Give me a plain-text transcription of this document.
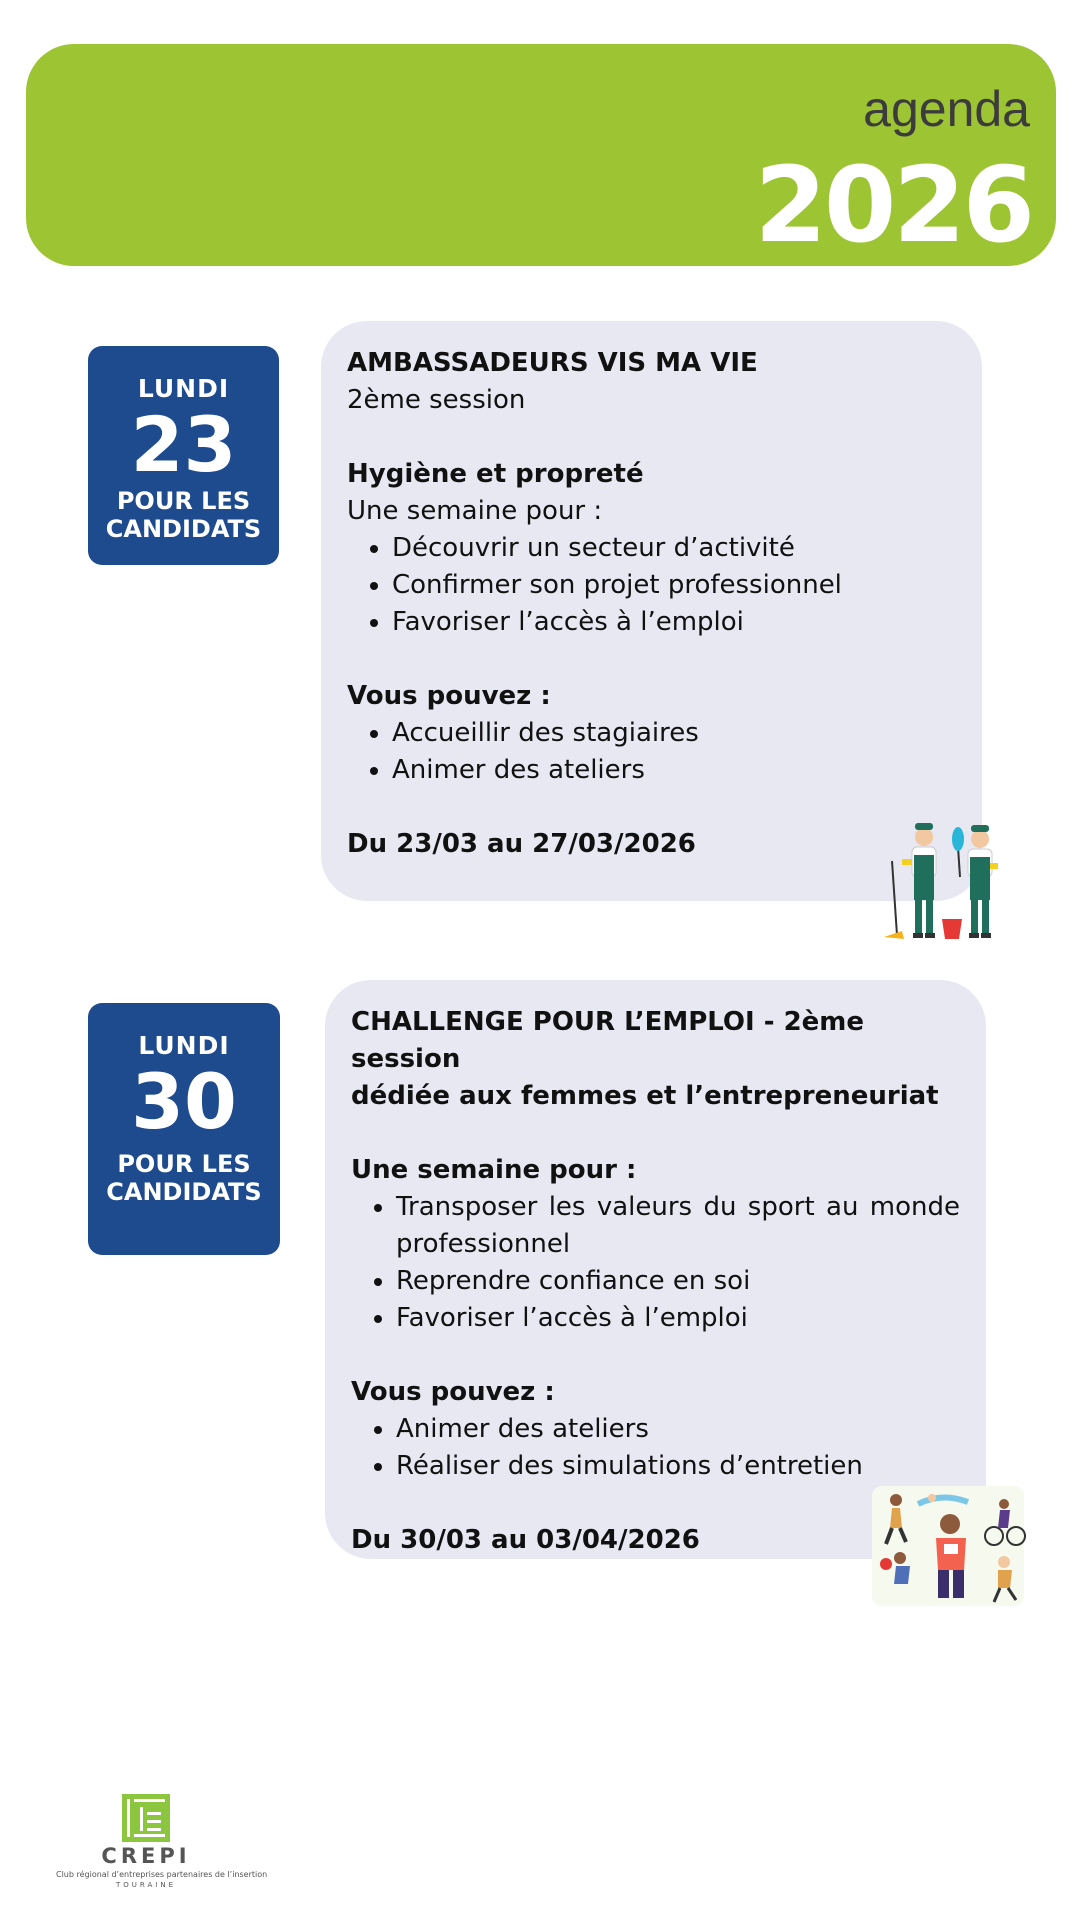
agenda
2026
LUNDI
23
POUR LES
CANDIDATS

AMBASSADEURS VIS MA VIE

2ème session

Hygiène et propreté

Une semaine pour :

• Découvrir un secteur d’activité
• Confirmer son projet professionnel
• Favoriser l’accès à l’emploi

Vous pouvez :

• Accueillir des stagiaires
• Animer des ateliers

Du 23/03 au 27/03/2026

LUNDI
30
POUR LES
CANDIDATS

CHALLENGE POUR L’EMPLOI - 2ème session

dédiée aux femmes et l’entrepreneuriat

Une semaine pour :

• Transposer les valeurs du sport au monde professionnel
• Reprendre confiance en soi
• Favoriser l’accès à l’emploi

Vous pouvez :

• Animer des ateliers
• Réaliser des simulations d’entretien

Du 30/03 au 03/04/2026

CREPI
Club régional d’entreprises partenaires de l’insertion
TOURAINE
